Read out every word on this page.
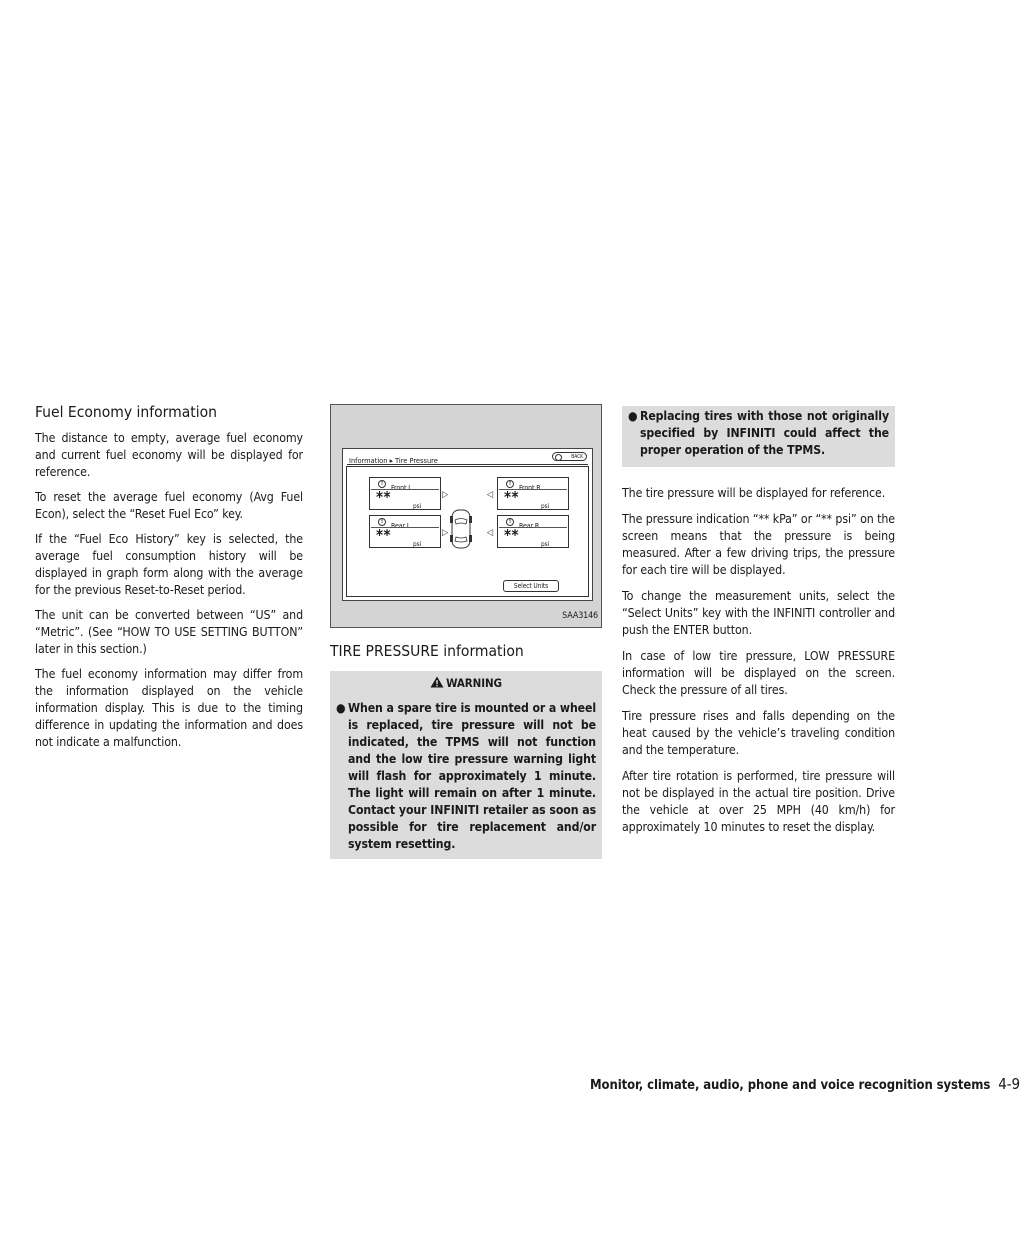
Fuel Economy information

The distance to empty, average fuel economy and current fuel economy will be displayed for reference.

To reset the average fuel economy (Avg Fuel Econ), select the “Reset Fuel Eco” key.

If the “Fuel Eco History” key is selected, the average fuel consumption history will be displayed in graph form along with the average for the previous Reset-to-Reset period.

The unit can be converted between “US” and “Metric”. (See “HOW TO USE SETTING BUTTON” later in this section.)

The fuel economy information may differ from the information displayed on the vehicle information display. This is due to the timing difference in updating the information and does not indicate a malfunction.

Information ▸ Tire Pressure	BACK
!	Front L
**	psi
!	Rear L
**	psi
!	Front R
**	psi
!	Rear R
**	psi
▷
▷
◁
◁
Select Units
SAA3146
TIRE PRESSURE information
WARNING
● When a spare tire is mounted or a wheel is replaced, tire pressure will not be indicated, the TPMS will not function and the low tire pressure warning light will flash for approximately 1 minute. The light will remain on after 1 minute. Contact your INFINITI retailer as soon as possible for tire replacement and/or system resetting.
● Replacing tires with those not originally specified by INFINITI could affect the proper operation of the TPMS.

The tire pressure will be displayed for reference.

The pressure indication “** kPa” or “** psi” on the screen means that the pressure is being measured. After a few driving trips, the pressure for each tire will be displayed.

To change the measurement units, select the “Select Units” key with the INFINITI controller and push the ENTER button.

In case of low tire pressure, LOW PRESSURE information will be displayed on the screen. Check the pressure of all tires.

Tire pressure rises and falls depending on the heat caused by the vehicle’s traveling condition and the temperature.

After tire rotation is performed, tire pressure will not be displayed in the actual tire position. Drive the vehicle at over 25 MPH (40 km/h) for approximately 10 minutes to reset the display.

Monitor, climate, audio, phone and voice recognition systems 4-9
